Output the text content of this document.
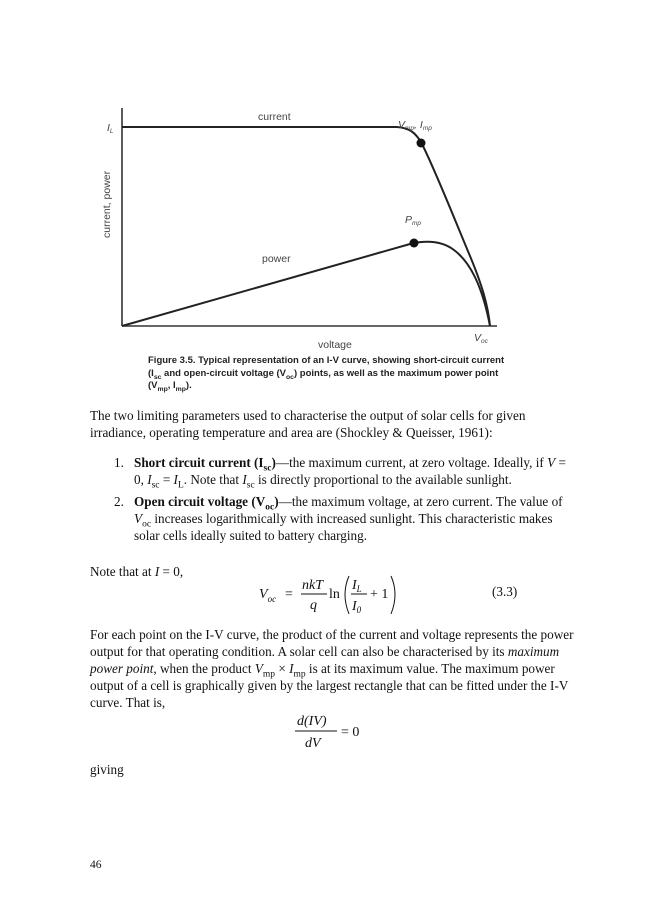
current
power
voltage
current, power
IL
Vmp, Imp
Pmp
Voc
Figure 3.5. Typical representation of an I-V curve, showing short-circuit current
($I_{sc}$ and open-circuit voltage $(V_{oc})$ points, as well as the maximum power point
($V_{mp}$, $I_{mp}$).
The two limiting parameters used to characterise the output of solar cells for given irradiance, operating temperature and area are (Shockley & Queisser, 1961):
1. Short circuit current $(I_{sc})—the$ maximum current, at zero voltage. Ideally, if V = 0, $I_{sc} = I_L$. Note that $I_{sc}$ is directly proportional to the available sunlight.
2. Open circuit voltage $(V_{oc})—the$ maximum voltage, at zero current. The value of $V_{oc}$ increases logarithmically with increased sunlight. This characteristic makes solar cells ideally suited to battery charging.
Note that at I = 0,
$V_{oc}$ =
nkT
q
ln
$I_L$
$I_0$
+ 1	(3.3)
For each point on the I-V curve, the product of the current and voltage represents the power output for that operating condition. A solar cell can also be characterised by its maximum power point, when the product $V_{mp} \times I_{mp}$ is at its maximum value. The maximum power output of a cell is graphically given by the largest rectangle that can be fitted under the I-V curve. That is,
d(IV)
dV
= 0
giving
46
